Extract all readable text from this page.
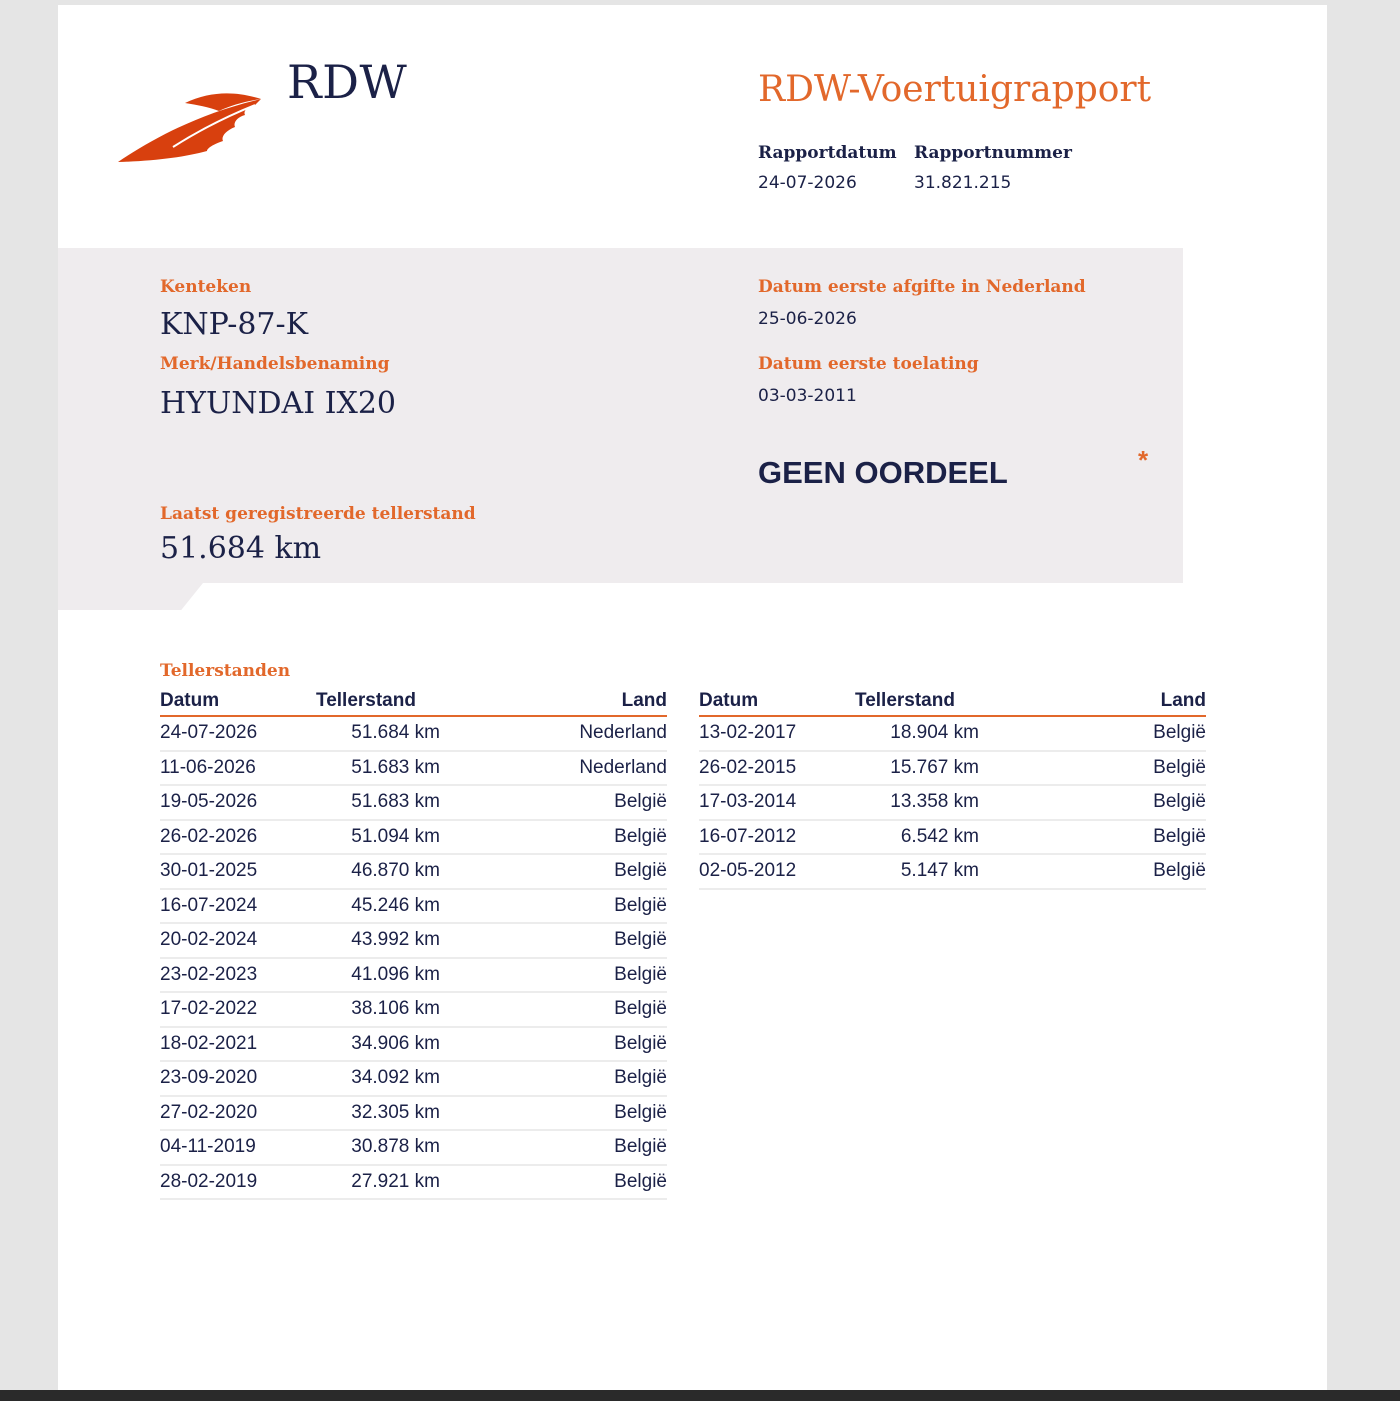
RDW	RDW-Voertuigrapport
Rapportdatum
24-07-2026
Rapportnummer
31.821.215
Kenteken
KNP-87-K
Merk/Handelsbenaming
HYUNDAI IX20
Laatst geregistreerde tellerstand
51.684 km
Datum eerste afgifte in Nederland
25-06-2026
Datum eerste toelating
03-03-2011
GEEN OORDEEL	*
Tellerstanden
Datum	Tellerstand	Land
24-07-2026	51.684 km	Nederland
11-06-2026	51.683 km	Nederland
19-05-2026	51.683 km	België
26-02-2026	51.094 km	België
30-01-2025	46.870 km	België
16-07-2024	45.246 km	België
20-02-2024	43.992 km	België
23-02-2023	41.096 km	België
17-02-2022	38.106 km	België
18-02-2021	34.906 km	België
23-09-2020	34.092 km	België
27-02-2020	32.305 km	België
04-11-2019	30.878 km	België
28-02-2019	27.921 km	België
Datum	Tellerstand	Land
13-02-2017	18.904 km	België
26-02-2015	15.767 km	België
17-03-2014	13.358 km	België
16-07-2012	6.542 km	België
02-05-2012	5.147 km	België
